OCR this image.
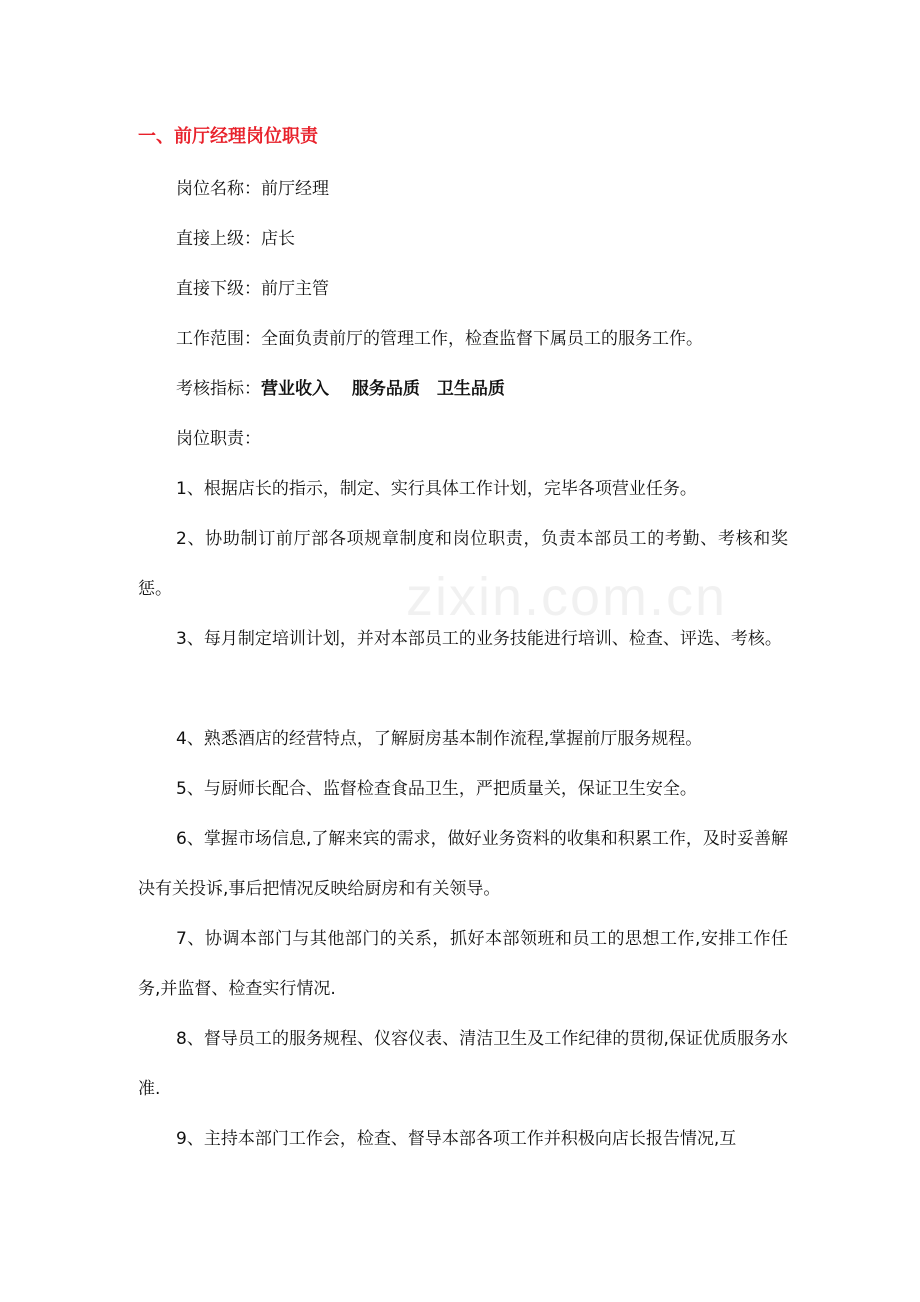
zixin.com.cn
一、前厅经理岗位职责
岗位名称：前厅经理
直接上级：店长
直接下级：前厅主管
工作范围：全面负责前厅的管理工作，检查监督下属员工的服务工作。
考核指标：营业收入　 服务品质　卫生品质
岗位职责：
1、根据店长的指示，制定、实行具体工作计划，完毕各项营业任务。
2、协助制订前厅部各项规章制度和岗位职责，负责本部员工的考勤、考核和奖惩。
3、每月制定培训计划，并对本部员工的业务技能进行培训、检查、评选、考核。
4、熟悉酒店的经营特点，了解厨房基本制作流程,掌握前厅服务规程。
5、与厨师长配合、监督检查食品卫生，严把质量关，保证卫生安全。
6、掌握市场信息,了解来宾的需求，做好业务资料的收集和积累工作，及时妥善解决有关投诉,事后把情况反映给厨房和有关领导。
7、协调本部门与其他部门的关系，抓好本部领班和员工的思想工作,安排工作任务,并监督、检查实行情况.
8、督导员工的服务规程、仪容仪表、清洁卫生及工作纪律的贯彻,保证优质服务水准.
9、主持本部门工作会，检查、督导本部各项工作并积极向店长报告情况,互
